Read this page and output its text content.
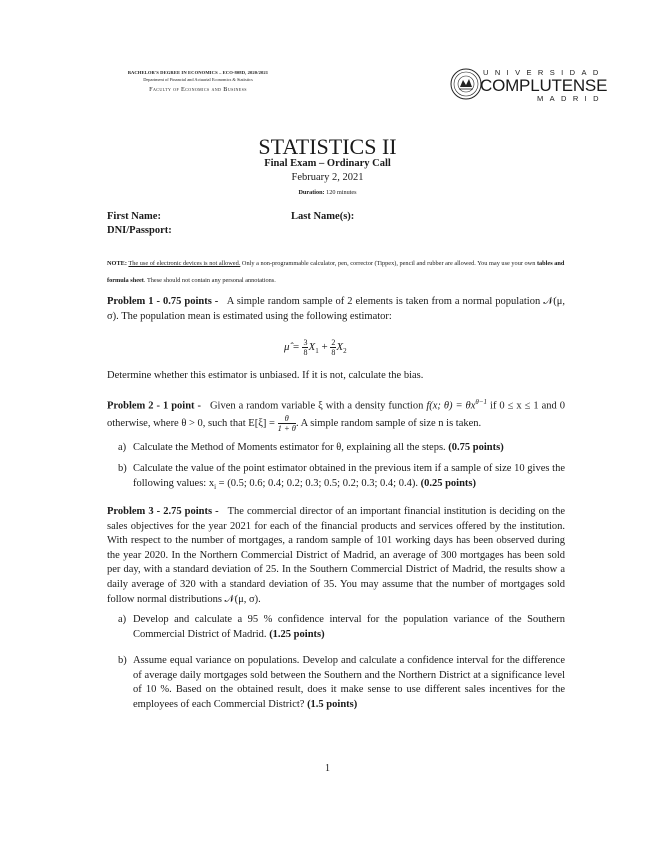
BACHELOR'S DEGREE IN ECONOMICS – ECO-808D, 2020/2021
Department of Financial and Actuarial Economics & Statistics
Faculty of Economics and Business
UNIVERSIDAD
COMPLUTENSE
MADRID
STATISTICS II
Final Exam – Ordinary Call
February 2, 2021
Duration: 120 minutes
First Name:	Last Name(s):
DNI/Passport:
NOTE: The use of electronic devices is not allowed. Only a non-programmable calculator, pen, corrector (Tippex), pencil and rubber are allowed. You may use your own tables and formula sheet. These should not contain any personal annotations.
Problem 1 - 0.75 points - A simple random sample of 2 elements is taken from a normal population 𝒩(μ, σ). The population mean is estimated using the following estimator:
μ̂ = $\frac{3}{8} X_1 + \frac{2}{8} X_2$
Determine whether this estimator is unbiased. If it is not, calculate the bias.
Problem 2 - 1 point - Given a random variable ξ with a density function f(x; $\theta) = \theta x^{\theta-1}$ if 0 ≤ x ≤ 1 and 0 otherwise, where θ > 0, such that $E[\xi] = \frac{\theta}{1 + \theta}$ . A simple random sample of size n is taken.
a) Calculate the Method of Moments estimator for θ, explaining all the steps. (0.75 points)
b) Calculate the value of the point estimator obtained in the previous item if a sample of size 10 gives the following values: $x_i = (0.5$; 0.6; 0.4; 0.2; 0.3; 0.5; 0.2; 0.3; 0.4; 0.4). (0.25 points)
Problem 3 - 2.75 points - The commercial director of an important financial institution is deciding on the sales objectives for the year 2021 for each of the financial products and services offered by the institution. With respect to the number of mortgages, a random sample of 101 working days has been observed during the year 2020. In the Northern Commercial District of Madrid, an average of 300 mortgages has been sold per day, with a standard deviation of 25. In the Southern Commercial District of Madrid, the results show a daily average of 320 with a standard deviation of 35. You may assume that the number of mortgages sold follow normal distributions 𝒩(μ, σ).
a) Develop and calculate a 95 % confidence interval for the population variance of the Southern Commercial District of Madrid. (1.25 points)
b) Assume equal variance on populations. Develop and calculate a confidence interval for the difference of average daily mortgages sold between the Southern and the Northern District at a significance level of 10 %. Based on the obtained result, does it make sense to use different sales incentives for the employees of each Commercial District? (1.5 points)
1
